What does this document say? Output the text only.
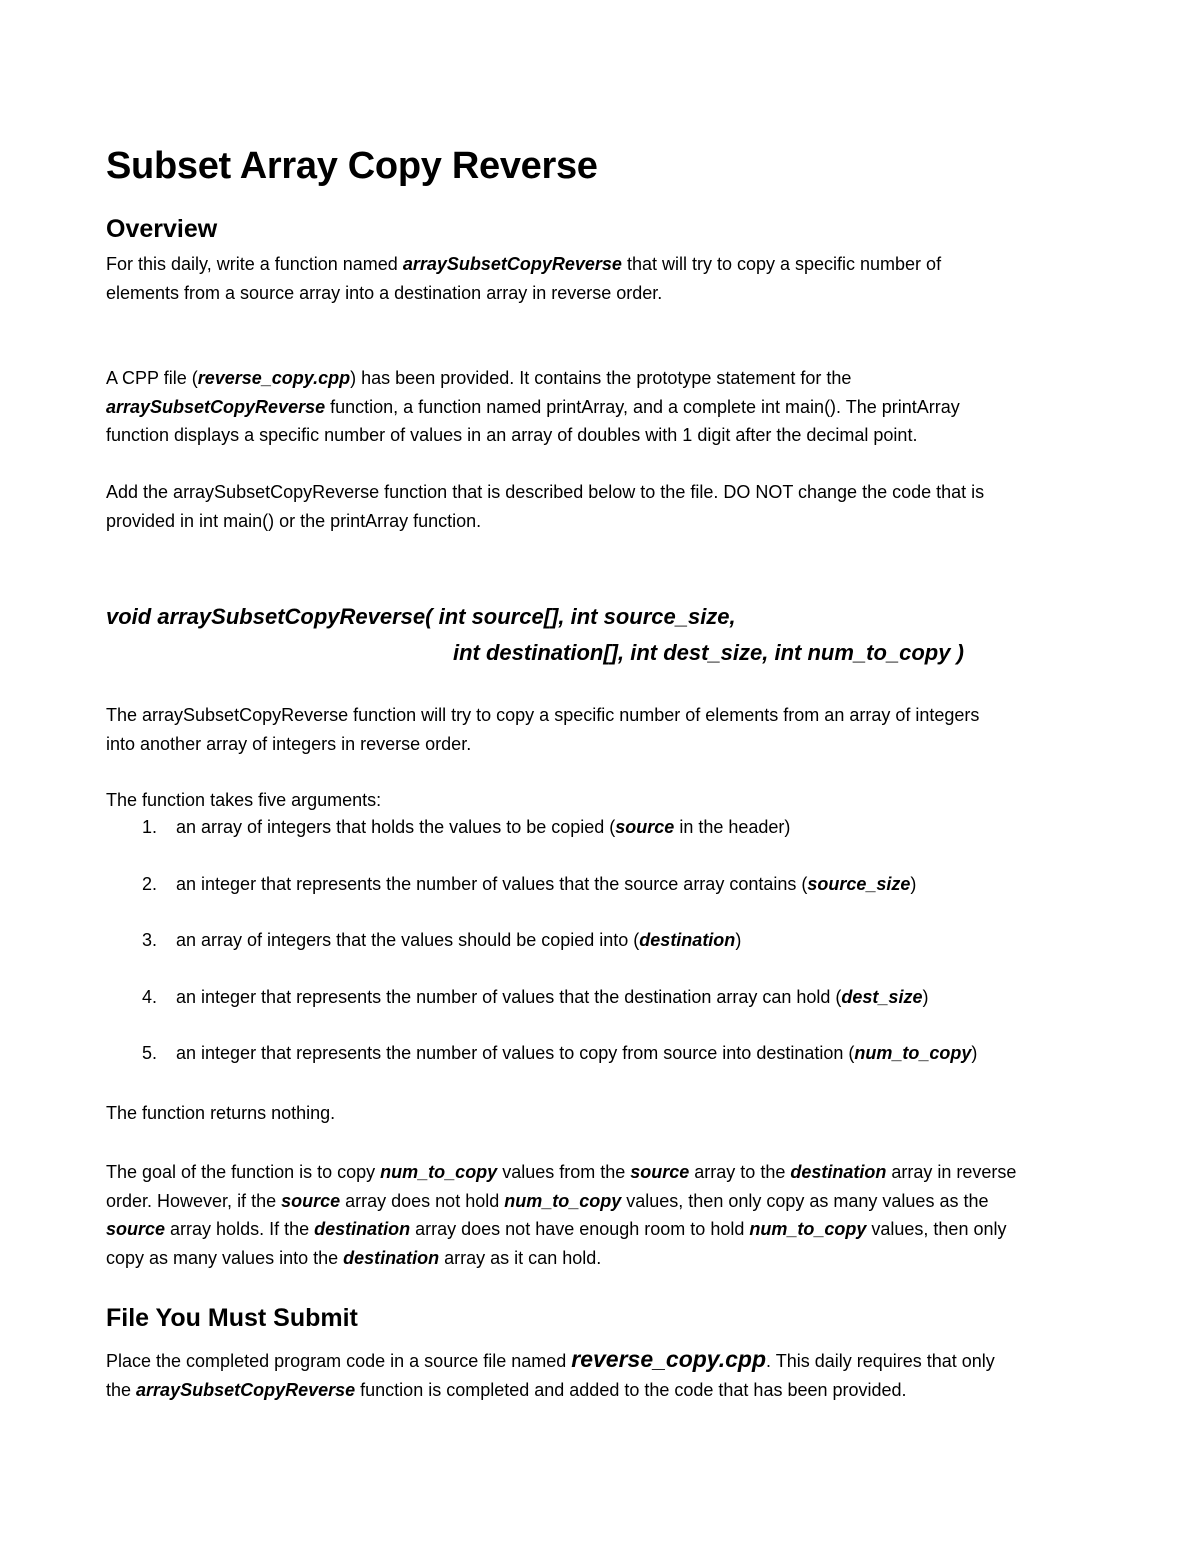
Subset Array Copy Reverse
Overview
For this daily, write a function named arraySubsetCopyReverse that will try to copy a specific number of
elements from a source array into a destination array in reverse order.
A CPP file (reverse_copy.cpp) has been provided. It contains the prototype statement for the
arraySubsetCopyReverse function, a function named printArray, and a complete int main(). The printArray
function displays a specific number of values in an array of doubles with 1 digit after the decimal point.
Add the arraySubsetCopyReverse function that is described below to the file. DO NOT change the code that is
provided in int main() or the printArray function.
void arraySubsetCopyReverse( int source[], int source_size,
int destination[], int dest_size, int num_to_copy )
The arraySubsetCopyReverse function will try to copy a specific number of elements from an array of integers
into another array of integers in reverse order.
The function takes five arguments:
1. an array of integers that holds the values to be copied (source in the header)
2. an integer that represents the number of values that the source array contains (source_size)
3. an array of integers that the values should be copied into (destination)
4. an integer that represents the number of values that the destination array can hold (dest_size)
5. an integer that represents the number of values to copy from source into destination (num_to_copy)
The function returns nothing.
The goal of the function is to copy num_to_copy values from the source array to the destination array in reverse
order. However, if the source array does not hold num_to_copy values, then only copy as many values as the
source array holds. If the destination array does not have enough room to hold num_to_copy values, then only
copy as many values into the destination array as it can hold.
File You Must Submit
Place the completed program code in a source file named reverse_copy.cpp. This daily requires that only
the arraySubsetCopyReverse function is completed and added to the code that has been provided.
